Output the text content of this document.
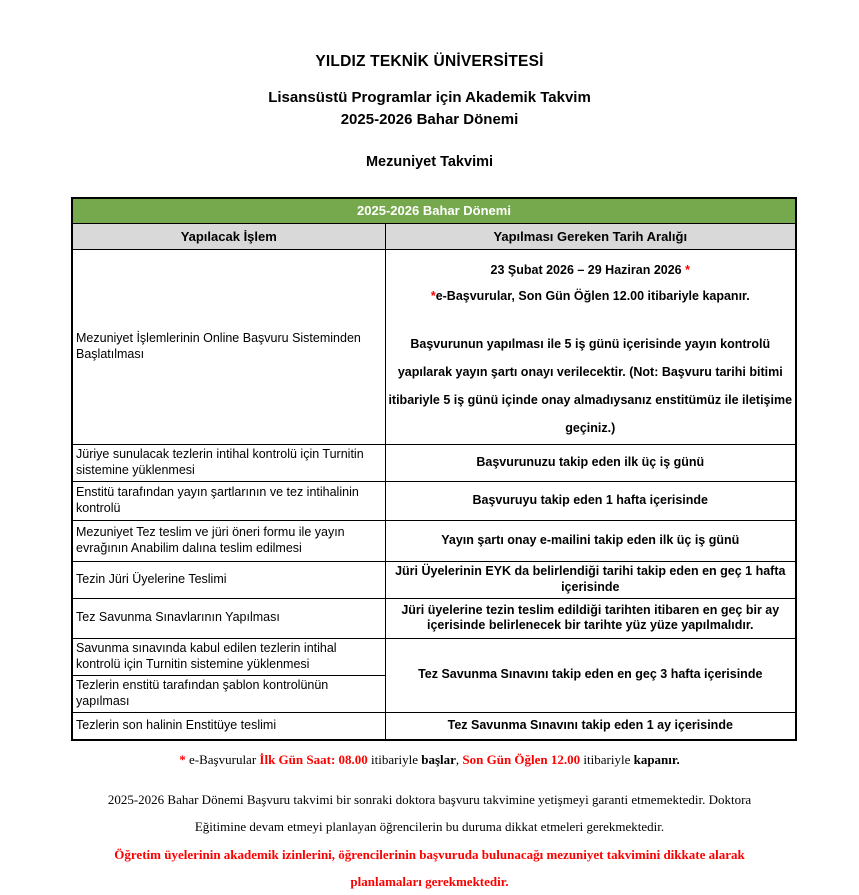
YILDIZ TEKNİK ÜNİVERSİTESİ
Lisansüstü Programlar için Akademik Takvim
2025-2026 Bahar Dönemi
Mezuniyet Takvimi
2025-2026 Bahar Dönemi	
Yapılacak İşlem	Yapılması Gereken Tarih Aralığı
Mezuniyet İşlemlerinin Online Başvuru Sisteminden Başlatılması	23 Şubat 2026 – 29 Haziran 2026 *
*e-Başvurular, Son Gün Öğlen 12.00 itibariyle kapanır.
Başvurunun yapılması ile 5 iş günü içerisinde yayın kontrolü yapılarak yayın şartı onayı verilecektir. (Not: Başvuru tarihi bitimi itibariyle 5 iş günü içinde onay almadıysanız enstitümüz ile iletişime geçiniz.)

Jüriye sunulacak tezlerin intihal kontrolü için Turnitin sistemine yüklenmesi	Başvurunuzu takip eden ilk üç iş günü
Enstitü tarafından yayın şartlarının ve tez intihalinin kontrolü	Başvuruyu takip eden 1 hafta içerisinde
Mezuniyet Tez teslim ve jüri öneri formu ile yayın evrağının Anabilim dalına teslim edilmesi	Yayın şartı onay e-mailini takip eden ilk üç iş günü
Tezin Jüri Üyelerine Teslimi	Jüri Üyelerinin EYK da belirlendiği tarihi takip eden en geç 1 hafta içerisinde
Tez Savunma Sınavlarının Yapılması	Jüri üyelerine tezin teslim edildiği tarihten itibaren en geç bir ay içerisinde belirlenecek bir tarihte yüz yüze yapılmalıdır.
Savunma sınavında kabul edilen tezlerin intihal kontrolü için Turnitin sistemine yüklenmesi	Tez Savunma Sınavını takip eden en geç 3 hafta içerisinde
Tezlerin enstitü tarafından şablon kontrolünün yapılması	
Tezlerin son halinin Enstitüye teslimi	Tez Savunma Sınavını takip eden 1 ay içerisinde

* e-Başvurular İlk Gün Saat: 08.00 itibariyle başlar, Son Gün Öğlen 12.00 itibariyle kapanır.

2025-2026 Bahar Dönemi Başvuru takvimi bir sonraki doktora başvuru takvimine yetişmeyi garanti etmemektedir. Doktora Eğitimine devam etmeyi planlayan öğrencilerin bu duruma dikkat etmeleri gerekmektedir.

Öğretim üyelerinin akademik izinlerini, öğrencilerinin başvuruda bulunacağı mezuniyet takvimini dikkate alarak planlamaları gerekmektedir.
